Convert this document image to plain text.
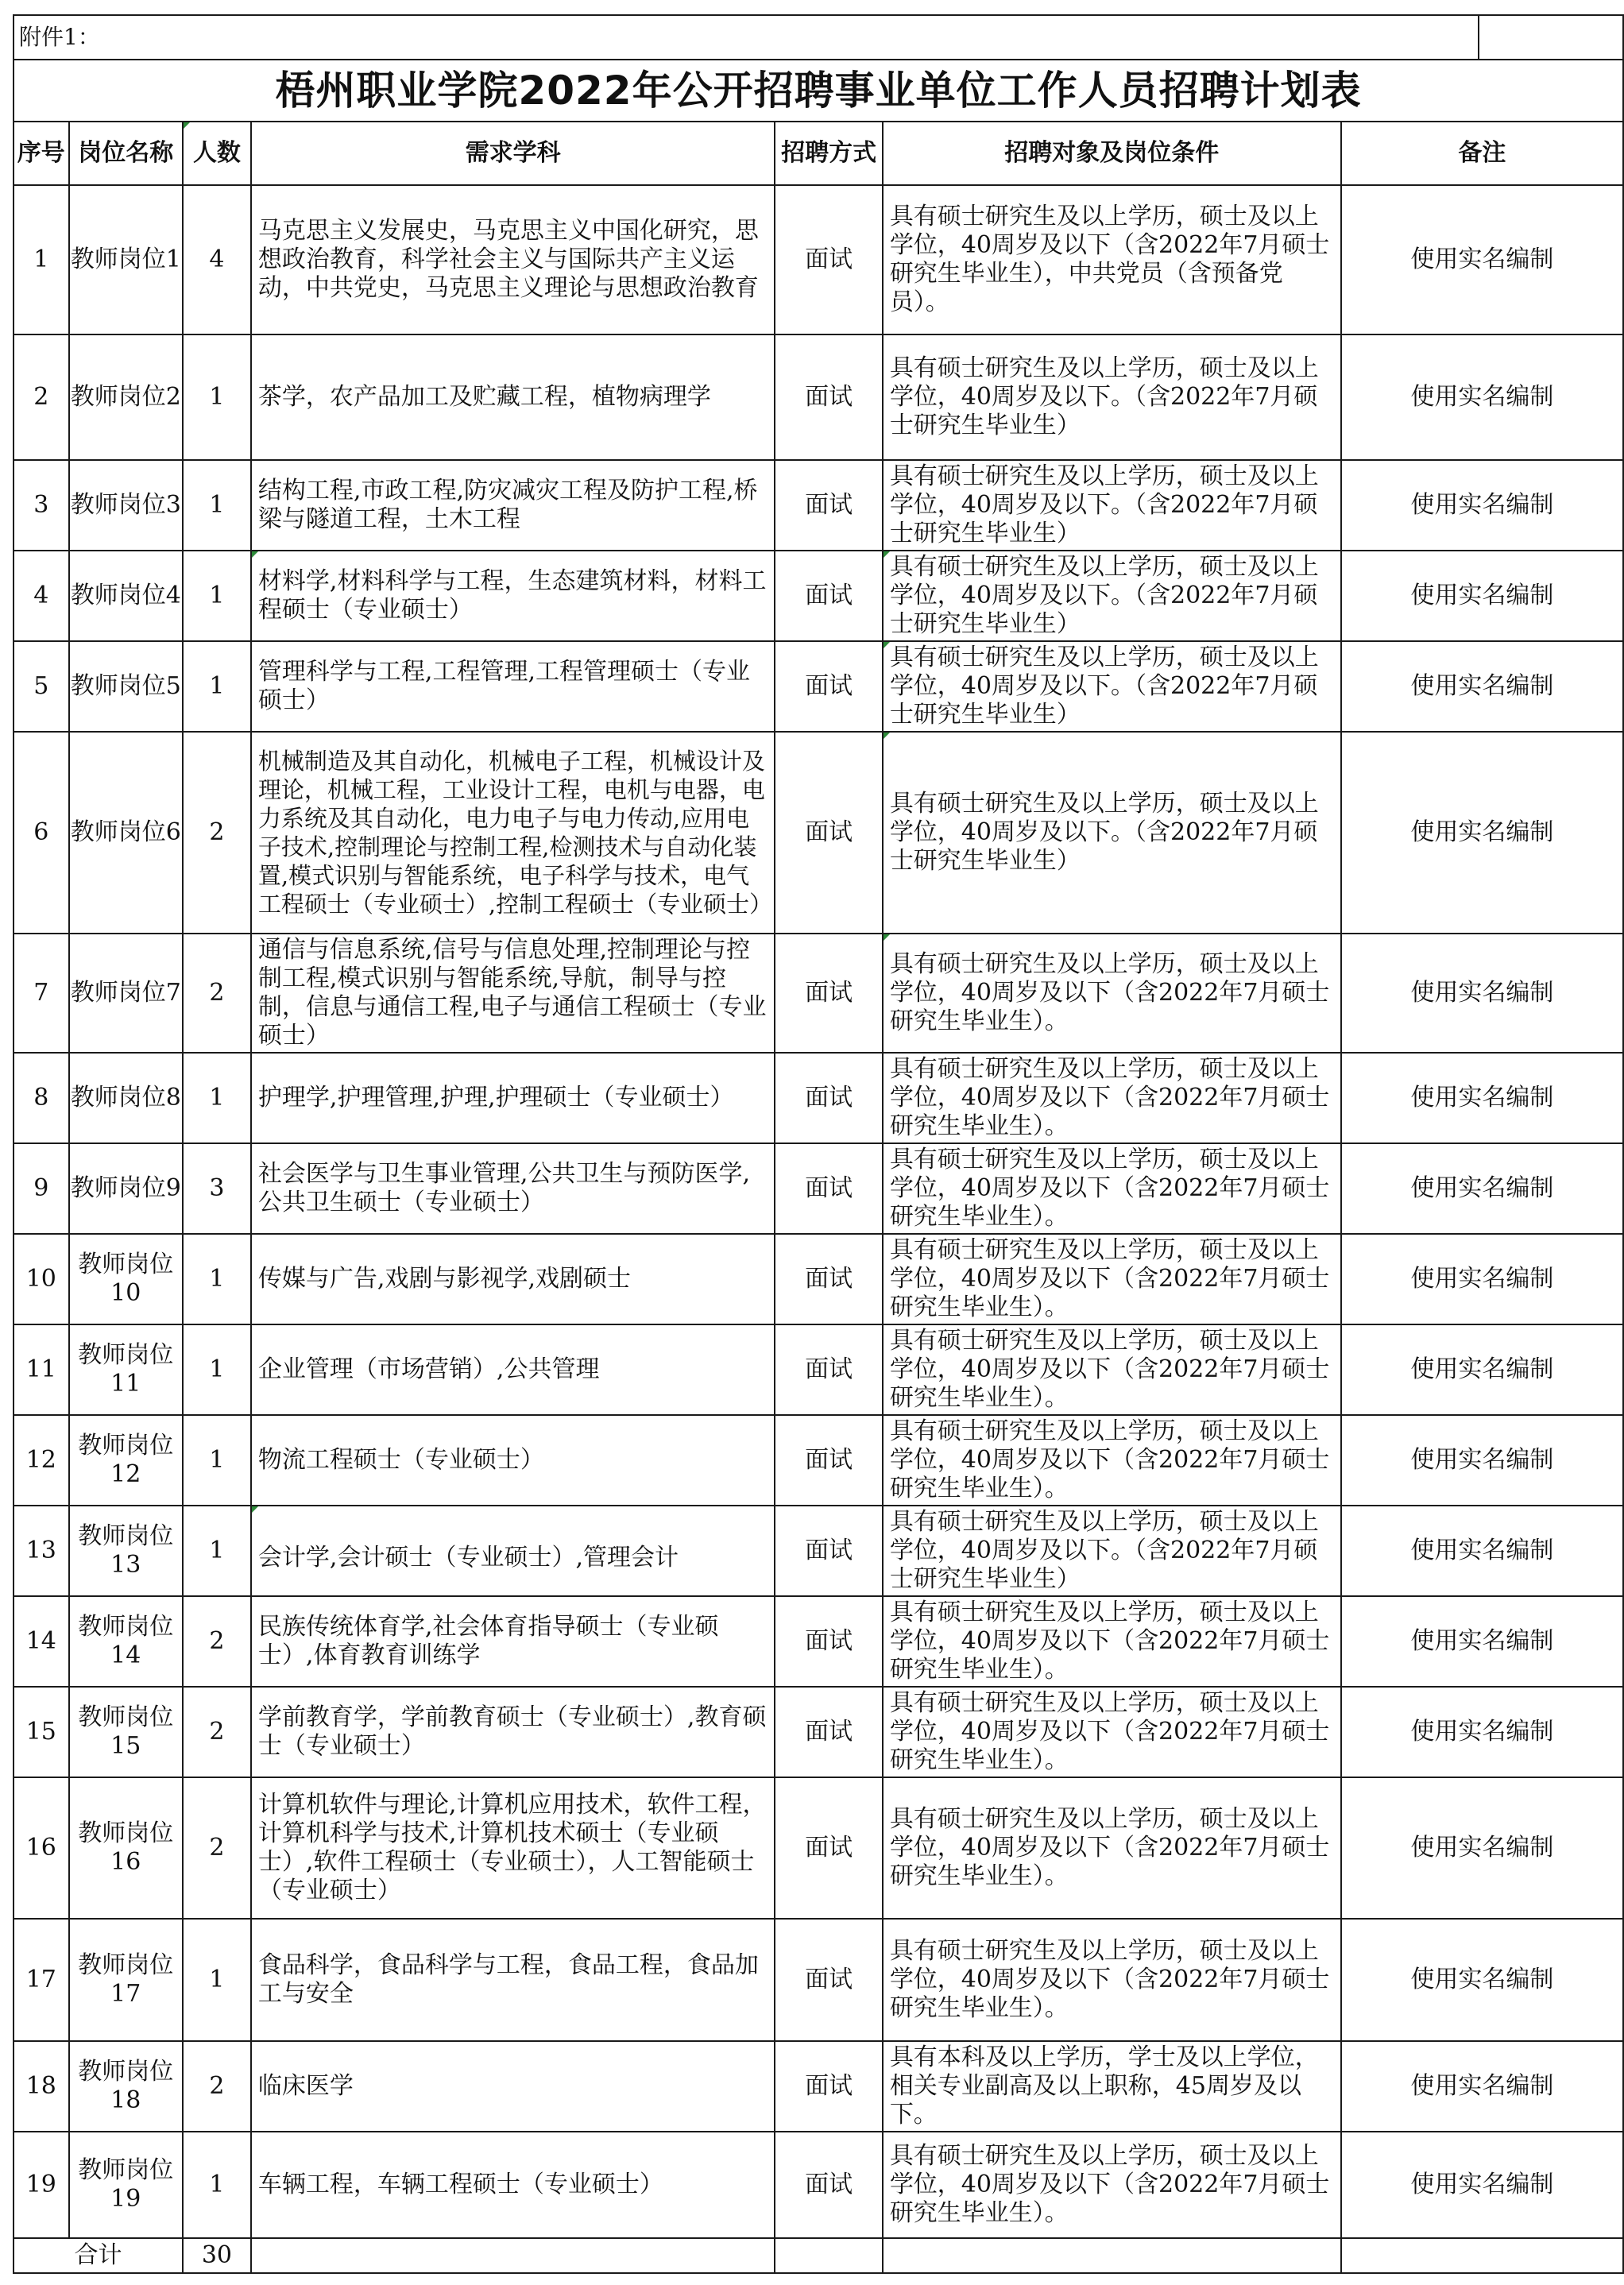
附件1：							
梧州职业学院2022年公开招聘事业单位工作人员招聘计划表							
序号	岗位名称	人数	需求学科	招聘方式	招聘对象及岗位条件	备注	
1	教师岗位1	4	马克思主义发展史，马克思主义中国化研究，思想政治教育，科学社会主义与国际共产主义运动，中共党史，马克思主义理论与思想政治教育	面试	具有硕士研究生及以上学历，硕士及以上学位，40周岁及以下（含2022年7月硕士研究生毕业生），中共党员（含预备党员）。	使用实名编制	
2	教师岗位2	1	茶学，农产品加工及贮藏工程，植物病理学	面试	具有硕士研究生及以上学历，硕士及以上学位，40周岁及以下。（含2022年7月硕士研究生毕业生）	使用实名编制	
3	教师岗位3	1	结构工程,市政工程,防灾减灾工程及防护工程,桥梁与隧道工程，土木工程	面试	具有硕士研究生及以上学历，硕士及以上学位，40周岁及以下。（含2022年7月硕士研究生毕业生）	使用实名编制	
4	教师岗位4	1	材料学,材料科学与工程，生态建筑材料，材料工程硕士（专业硕士）	面试	具有硕士研究生及以上学历，硕士及以上学位，40周岁及以下。（含2022年7月硕士研究生毕业生）	使用实名编制	
5	教师岗位5	1	管理科学与工程,工程管理,工程管理硕士（专业硕士）	面试	具有硕士研究生及以上学历，硕士及以上学位，40周岁及以下。（含2022年7月硕士研究生毕业生）	使用实名编制	
6	教师岗位6	2	机械制造及其自动化，机械电子工程，机械设计及理论，机械工程，工业设计工程，电机与电器，电力系统及其自动化，电力电子与电力传动,应用电子技术,控制理论与控制工程,检测技术与自动化装置,模式识别与智能系统，电子科学与技术，电气工程硕士（专业硕士）,控制工程硕士（专业硕士）	面试	具有硕士研究生及以上学历，硕士及以上学位，40周岁及以下。（含2022年7月硕士研究生毕业生）	使用实名编制	
7	教师岗位7	2	通信与信息系统,信号与信息处理,控制理论与控制工程,模式识别与智能系统,导航，制导与控制，信息与通信工程,电子与通信工程硕士（专业硕士）	面试	具有硕士研究生及以上学历，硕士及以上学位，40周岁及以下（含2022年7月硕士研究生毕业生）。	使用实名编制	
8	教师岗位8	1	护理学,护理管理,护理,护理硕士（专业硕士）	面试	具有硕士研究生及以上学历，硕士及以上学位，40周岁及以下（含2022年7月硕士研究生毕业生）。	使用实名编制	
9	教师岗位9	3	社会医学与卫生事业管理,公共卫生与预防医学,公共卫生硕士（专业硕士）	面试	具有硕士研究生及以上学历，硕士及以上学位，40周岁及以下（含2022年7月硕士研究生毕业生）。	使用实名编制	
10	教师岗位10	1	传媒与广告,戏剧与影视学,戏剧硕士	面试	具有硕士研究生及以上学历，硕士及以上学位，40周岁及以下（含2022年7月硕士研究生毕业生）。	使用实名编制	
11	教师岗位11	1	企业管理（市场营销）,公共管理	面试	具有硕士研究生及以上学历，硕士及以上学位，40周岁及以下（含2022年7月硕士研究生毕业生）。	使用实名编制	
12	教师岗位12	1	物流工程硕士（专业硕士）	面试	具有硕士研究生及以上学历，硕士及以上学位，40周岁及以下（含2022年7月硕士研究生毕业生）。	使用实名编制	
13	教师岗位13	1	会计学,会计硕士（专业硕士）,管理会计	面试	具有硕士研究生及以上学历，硕士及以上学位，40周岁及以下。（含2022年7月硕士研究生毕业生）	使用实名编制	
14	教师岗位14	2	民族传统体育学,社会体育指导硕士（专业硕士）,体育教育训练学	面试	具有硕士研究生及以上学历，硕士及以上学位，40周岁及以下（含2022年7月硕士研究生毕业生）。	使用实名编制	
15	教师岗位15	2	学前教育学，学前教育硕士（专业硕士）,教育硕士（专业硕士）	面试	具有硕士研究生及以上学历，硕士及以上学位，40周岁及以下（含2022年7月硕士研究生毕业生）。	使用实名编制	
16	教师岗位16	2	计算机软件与理论,计算机应用技术，软件工程，计算机科学与技术,计算机技术硕士（专业硕士）,软件工程硕士（专业硕士），人工智能硕士（专业硕士）	面试	具有硕士研究生及以上学历，硕士及以上学位，40周岁及以下（含2022年7月硕士研究生毕业生）。	使用实名编制	
17	教师岗位17	1	食品科学，食品科学与工程，食品工程，食品加工与安全	面试	具有硕士研究生及以上学历，硕士及以上学位，40周岁及以下（含2022年7月硕士研究生毕业生）。	使用实名编制	
18	教师岗位18	2	临床医学	面试	具有本科及以上学历，学士及以上学位，相关专业副高及以上职称，45周岁及以下。	使用实名编制	
19	教师岗位19	1	车辆工程，车辆工程硕士（专业硕士）	面试	具有硕士研究生及以上学历，硕士及以上学位，40周岁及以下（含2022年7月硕士研究生毕业生）。	使用实名编制	
合计		30					
